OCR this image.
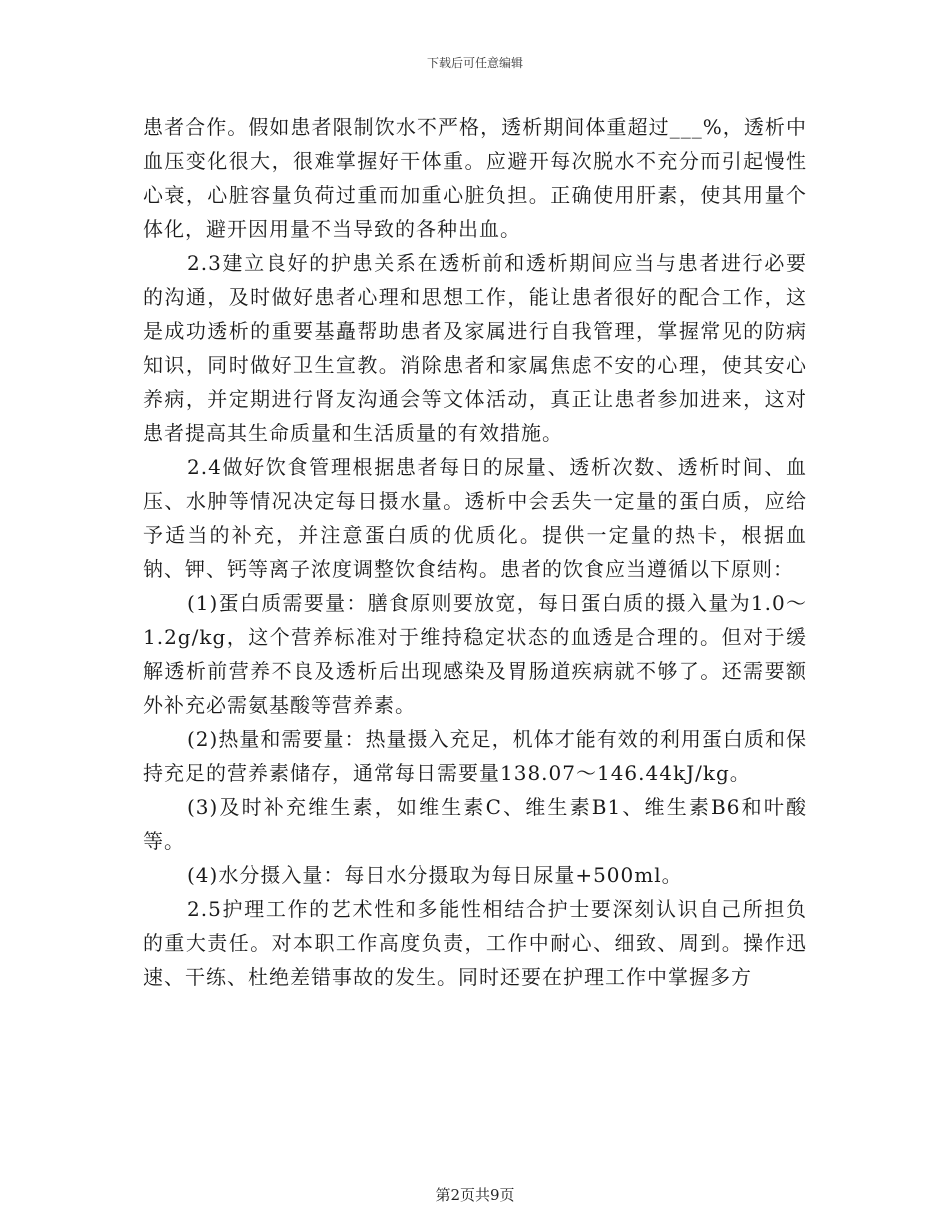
下载后可任意编辑

患者合作。假如患者限制饮水不严格，透析期间体重超过___%，透析中血压变化很大，很难掌握好干体重。应避开每次脱水不充分而引起慢性心衰，心脏容量负荷过重而加重心脏负担。正确使用肝素，使其用量个体化，避开因用量不当导致的各种出血。

2.3建立良好的护患关系在透析前和透析期间应当与患者进行必要的沟通，及时做好患者心理和思想工作，能让患者很好的配合工作，这是成功透析的重要基矗帮助患者及家属进行自我管理，掌握常见的防病知识，同时做好卫生宣教。消除患者和家属焦虑不安的心理，使其安心养病，并定期进行肾友沟通会等文体活动，真正让患者参加进来，这对患者提高其生命质量和生活质量的有效措施。

2.4做好饮食管理根据患者每日的尿量、透析次数、透析时间、血压、水肿等情况决定每日摄水量。透析中会丢失一定量的蛋白质，应给予适当的补充，并注意蛋白质的优质化。提供一定量的热卡，根据血钠、钾、钙等离子浓度调整饮食结构。患者的饮食应当遵循以下原则：

(1)蛋白质需要量：膳食原则要放宽，每日蛋白质的摄入量为1.0～1.2g/kg，这个营养标准对于维持稳定状态的血透是合理的。但对于缓解透析前营养不良及透析后出现感染及胃肠道疾病就不够了。还需要额外补充必需氨基酸等营养素。

(2)热量和需要量：热量摄入充足，机体才能有效的利用蛋白质和保持充足的营养素储存，通常每日需要量138.07～146.44kJ/kg。

(3)及时补充维生素，如维生素C、维生素B1、维生素B6和叶酸等。

(4)水分摄入量：每日水分摄取为每日尿量+500ml。

2.5护理工作的艺术性和多能性相结合护士要深刻认识自己所担负的重大责任。对本职工作高度负责，工作中耐心、细致、周到。操作迅速、干练、杜绝差错事故的发生。同时还要在护理工作中掌握多方

第2页共9页
